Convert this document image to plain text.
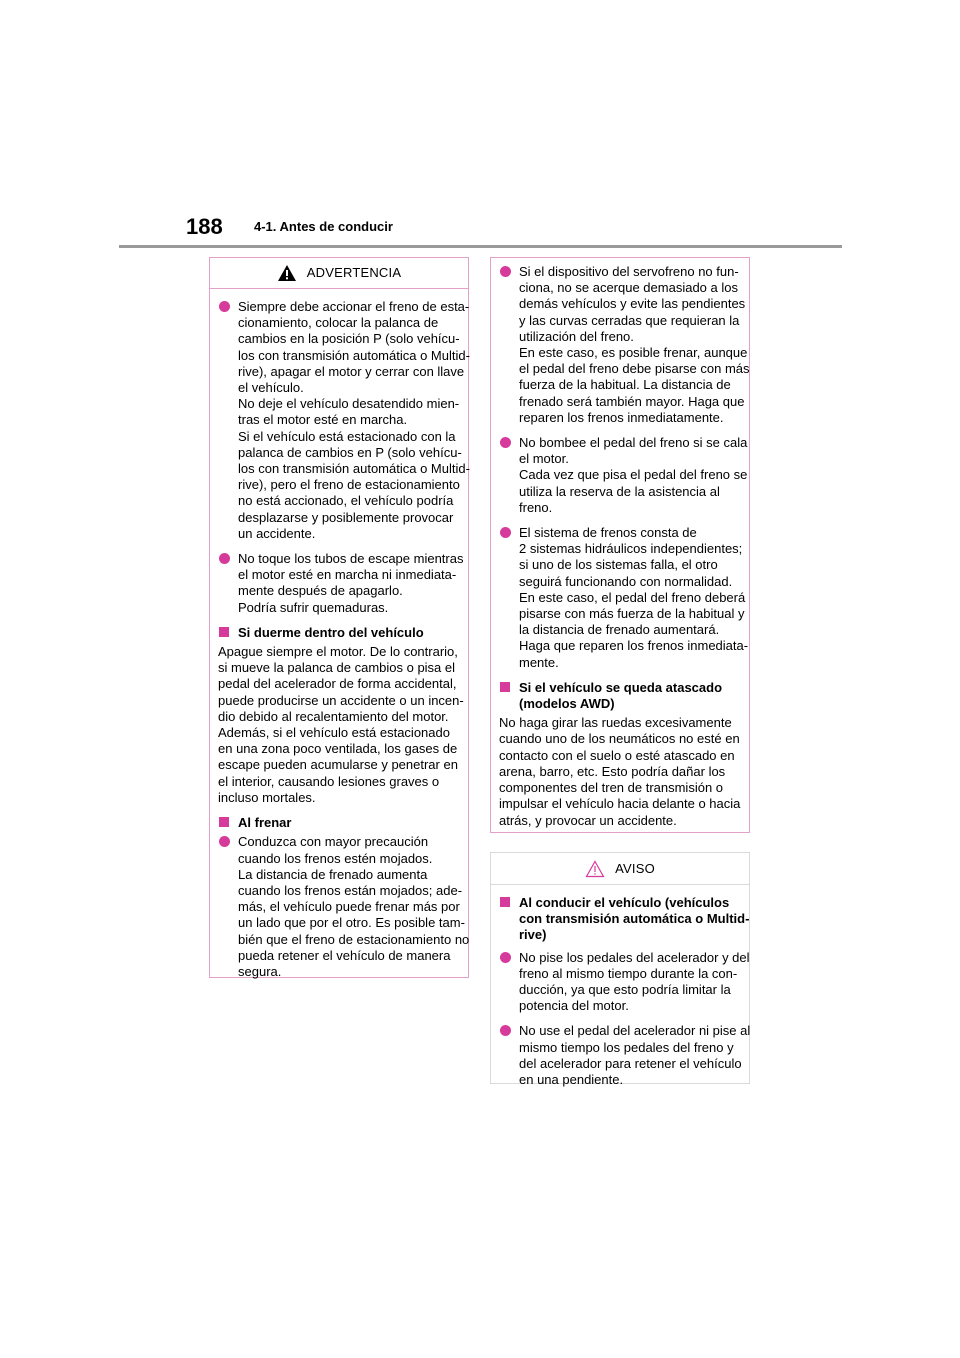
188 4-1. Antes de conducir
ADVERTENCIA
Siempre debe accionar el freno de esta-
cionamiento, colocar la palanca de
cambios en la posición P (solo vehícu-
los con transmisión automática o Multid-
rive), apagar el motor y cerrar con llave
el vehículo.
No deje el vehículo desatendido mien-
tras el motor esté en marcha.
Si el vehículo está estacionado con la
palanca de cambios en P (solo vehícu-
los con transmisión automática o Multid-
rive), pero el freno de estacionamiento
no está accionado, el vehículo podría
desplazarse y posiblemente provocar
un accidente.
No toque los tubos de escape mientras
el motor esté en marcha ni inmediata-
mente después de apagarlo.
Podría sufrir quemaduras.
Si duerme dentro del vehículo
Apague siempre el motor. De lo contrario,
si mueve la palanca de cambios o pisa el
pedal del acelerador de forma accidental,
puede producirse un accidente o un incen-
dio debido al recalentamiento del motor.
Además, si el vehículo está estacionado
en una zona poco ventilada, los gases de
escape pueden acumularse y penetrar en
el interior, causando lesiones graves o
incluso mortales.
Al frenar
Conduzca con mayor precaución
cuando los frenos estén mojados.
La distancia de frenado aumenta
cuando los frenos están mojados; ade-
más, el vehículo puede frenar más por
un lado que por el otro. Es posible tam-
bién que el freno de estacionamiento no
pueda retener el vehículo de manera
segura.
Si el dispositivo del servofreno no fun-
ciona, no se acerque demasiado a los
demás vehículos y evite las pendientes
y las curvas cerradas que requieran la
utilización del freno.
En este caso, es posible frenar, aunque
el pedal del freno debe pisarse con más
fuerza de la habitual. La distancia de
frenado será también mayor. Haga que
reparen los frenos inmediatamente.
No bombee el pedal del freno si se cala
el motor.
Cada vez que pisa el pedal del freno se
utiliza la reserva de la asistencia al
freno.
El sistema de frenos consta de
2 sistemas hidráulicos independientes;
si uno de los sistemas falla, el otro
seguirá funcionando con normalidad.
En este caso, el pedal del freno deberá
pisarse con más fuerza de la habitual y
la distancia de frenado aumentará.
Haga que reparen los frenos inmediata-
mente.
Si el vehículo se queda atascado
(modelos AWD)
No haga girar las ruedas excesivamente
cuando uno de los neumáticos no esté en
contacto con el suelo o esté atascado en
arena, barro, etc. Esto podría dañar los
componentes del tren de transmisión o
impulsar el vehículo hacia delante o hacia
atrás, y provocar un accidente.
AVISO
Al conducir el vehículo (vehículos
con transmisión automática o Multid-
rive)
No pise los pedales del acelerador y del
freno al mismo tiempo durante la con-
ducción, ya que esto podría limitar la
potencia del motor.
No use el pedal del acelerador ni pise al
mismo tiempo los pedales del freno y
del acelerador para retener el vehículo
en una pendiente.
